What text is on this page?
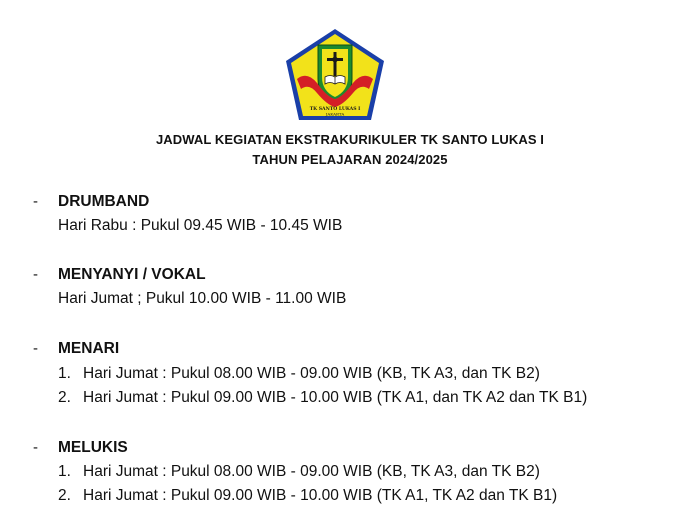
TK SANTO LUKAS I
JAKARTA
JADWAL KEGIATAN EKSTRAKURIKULER TK SANTO LUKAS I
TAHUN PELAJARAN 2024/2025
- DRUMBAND
Hari Rabu : Pukul 09.45 WIB - 10.45 WIB
- MENYANYI / VOKAL
Hari Jumat ; Pukul 10.00 WIB - 11.00 WIB
- MENARI
1. Hari Jumat : Pukul 08.00 WIB - 09.00 WIB (KB, TK A3, dan TK B2)
2. Hari Jumat : Pukul 09.00 WIB - 10.00 WIB (TK A1, dan TK A2 dan TK B1)
- MELUKIS
1. Hari Jumat : Pukul 08.00 WIB - 09.00 WIB (KB, TK A3, dan TK B2)
2. Hari Jumat : Pukul 09.00 WIB - 10.00 WIB (TK A1, TK A2 dan TK B1)
